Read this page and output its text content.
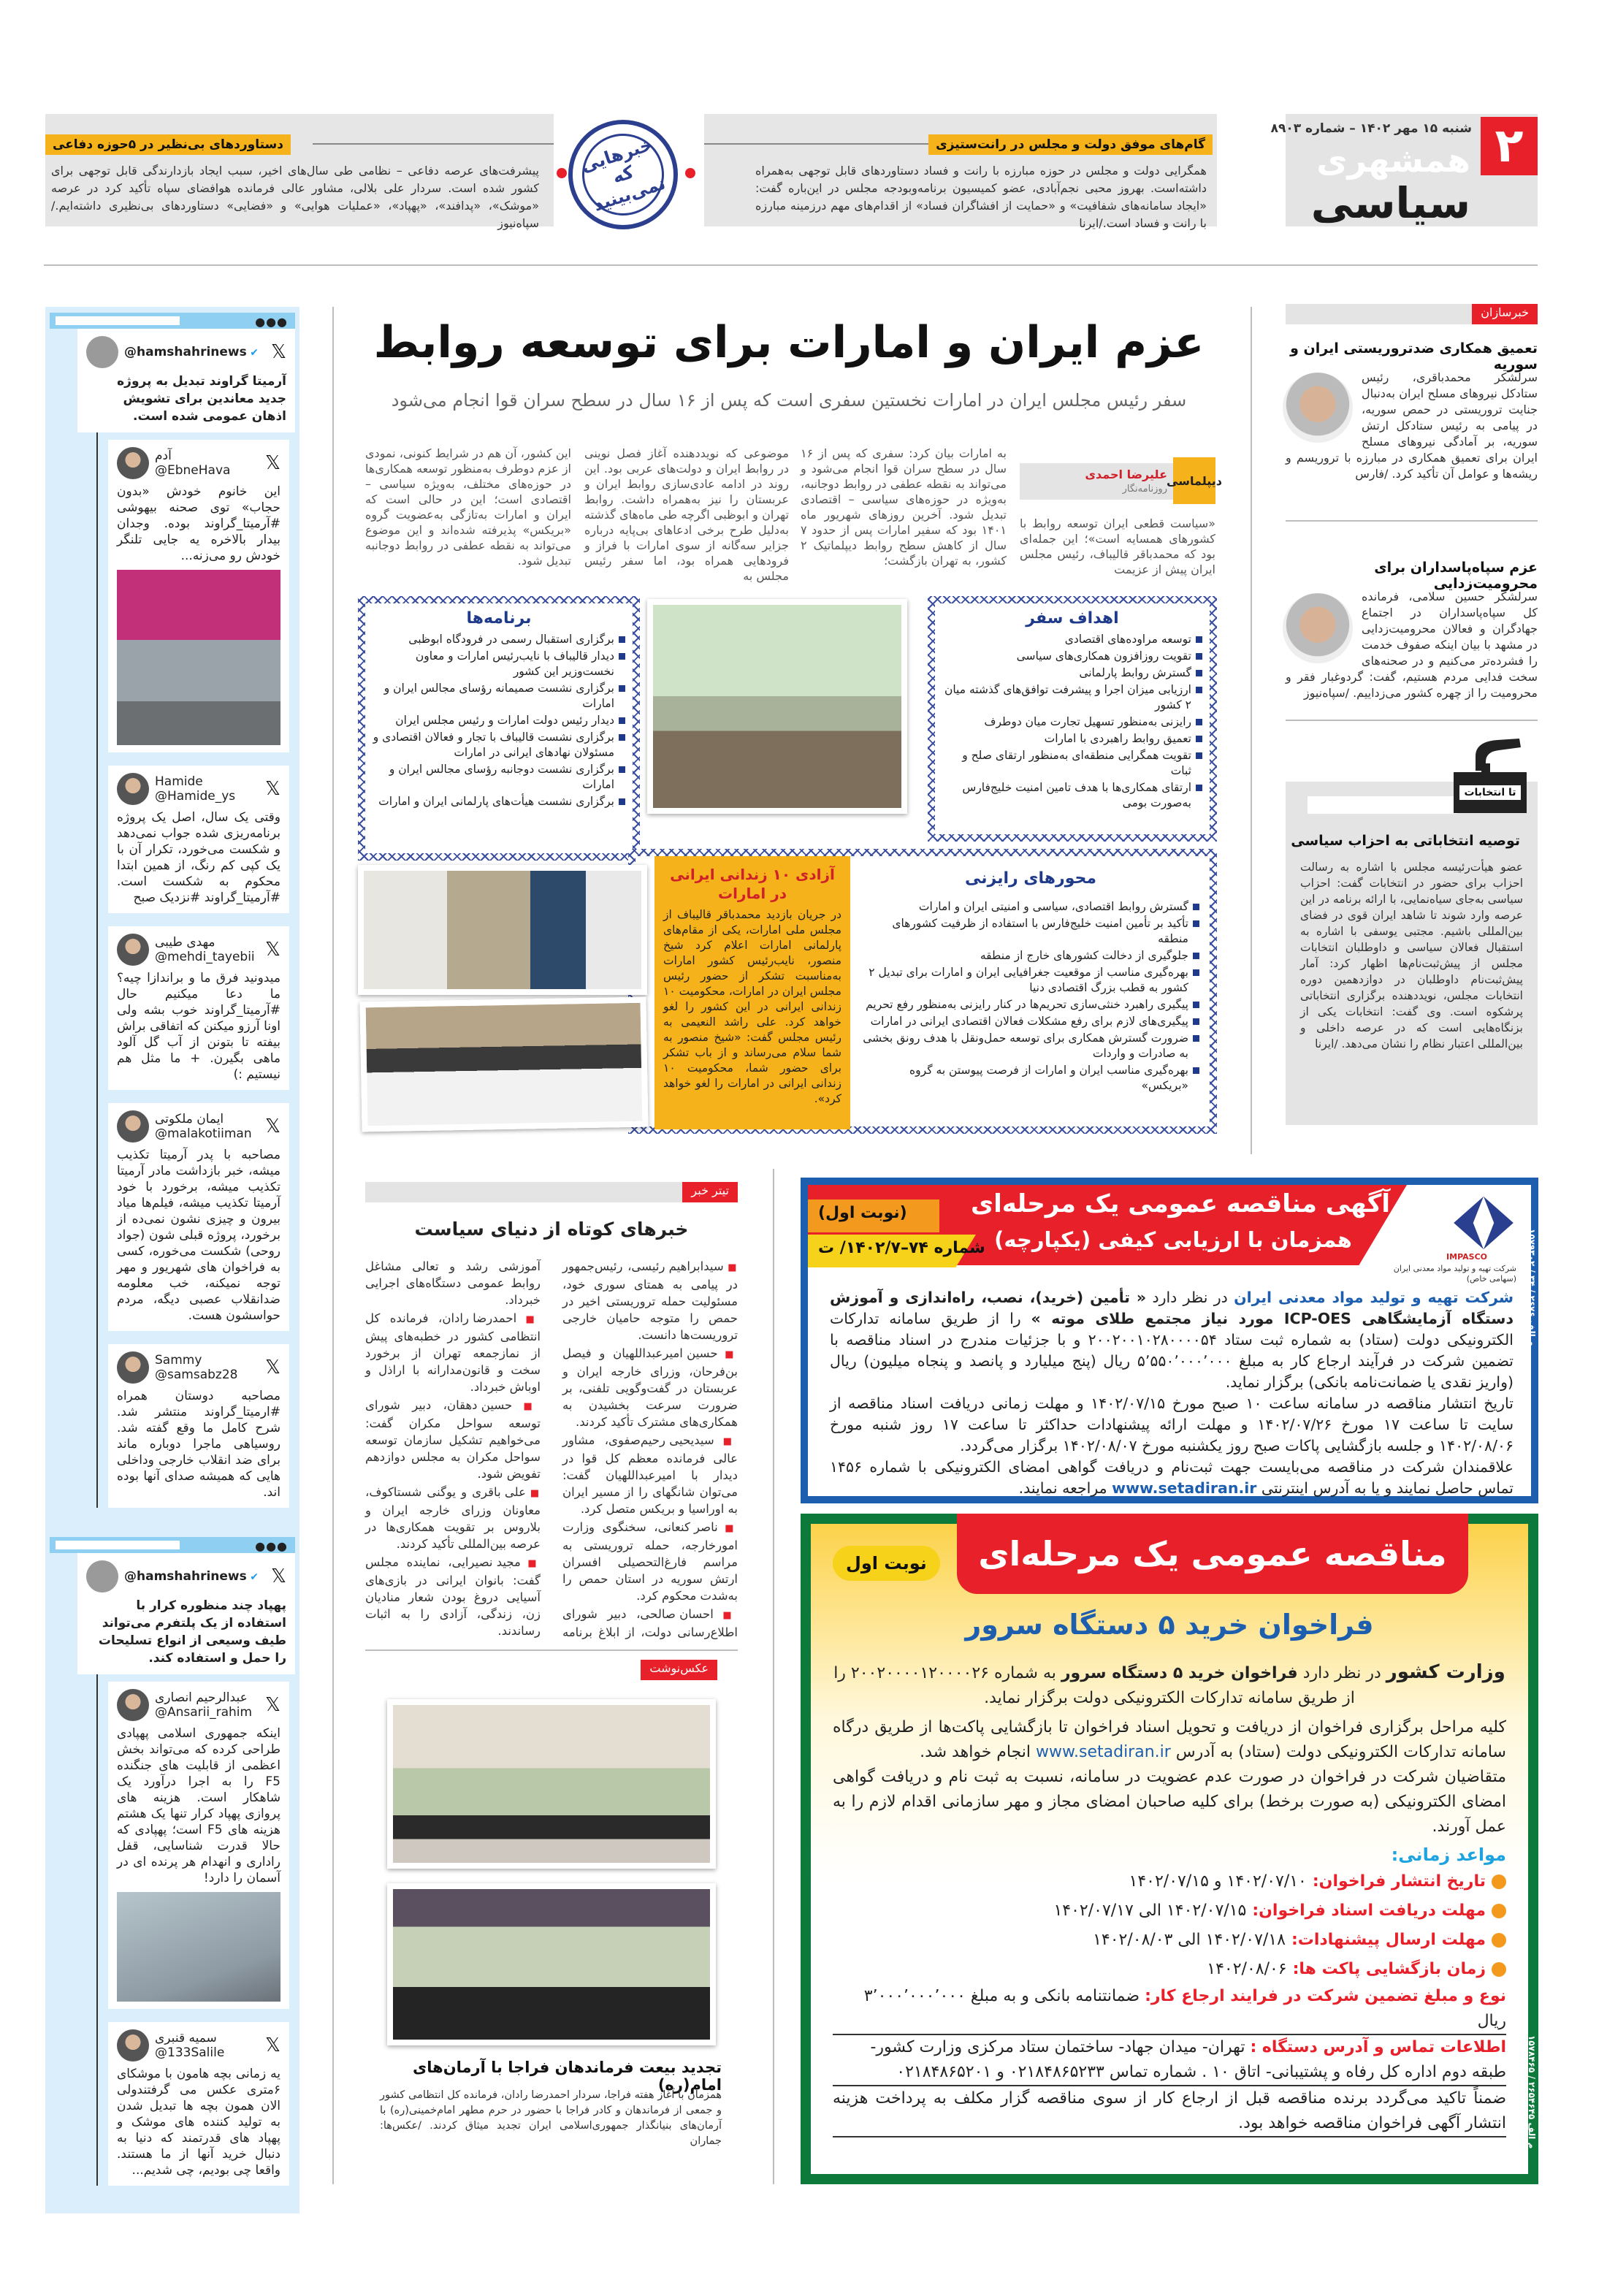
۲
شنبه ۱۵ مهر ۱۴۰۲ – شماره ۸۹۰۳
همشهری
سیاسی
گام‌های موفق دولت و مجلس در رانت‌ستیزی
همگرایی دولت و مجلس در حوزه مبارزه با رانت و فساد دستاوردهای قابل توجهی به‌همراه داشته‌است. بهروز محبی نجم‌آبادی، عضو کمیسیون برنامه‌وبودجه مجلس در این‌باره گفت: «ایجاد سامانه‌های شفافیت» و «حمایت از افشاگران فساد» از اقدام‌های مهم درزمینه مبارزه با رانت و فساد است./ایرنا
دستاوردهای بی‌نظیر در ۵حوزه دفاعی
پیشرفت‌های عرصه دفاعی – نظامی طی سال‌های اخیر، سبب ایجاد بازدارندگی قابل توجهی برای کشور شده است. سردار علی بلالی، مشاور عالی فرمانده هوافضای سپاه تأکید کرد در عرصه «موشک»، «پدافند»، «پهپاد»، «عملیات هوایی» و «فضایی» دستاوردهای بی‌نظیری داشته‌ایم./سپاه‌نیوز
خبرهایی که نمی‌بینید
●●●
@hamshahrinews ✔ 𝕏
آرمیتا گراوند تبدیل به پروژه جدید معاندین برای تشویش اذهان عمومی شده است.
آدم
@EbneHava	𝕏
این خانوم خودش «بدون حجاب» توی صحنه بیهوشی #آرمیتا_گراوند بوده. وجدان بیدار بالاخره یه جایی تلنگر خودش رو می‌زنه...
Hamide
@Hamide_ys	𝕏
وقتی یک سال، اصل یک پروژه برنامه‌ریزی شده جواب نمی‌دهد و شکست می‌خورد، تکرار آن با یک کپی کم رنگ، از همین ابتدا محکوم به شکست است. #آرمیتا_گراوند #نزدیک صبح
مهدی طیبی
@mehdi_tayebii 𝕏
میدونید فرق ما و براندازا چیه؟ ما دعا میکنیم حال #آرمیتا_گراوند خوب بشه ولی اونا آرزو میکنن که اتفاقی براش بیفته تا بتونن از آب گل آلود ماهی بگیرن. + ما مثل هم نیستیم :)
ایمان ملکوتی
@malakotiiman 𝕏
مصاحبه با پدر آرمیتا تکذیب میشه، خبر بازداشت مادر آرمیتا تکذیب میشه، برخورد با خود آرمیتا تکذیب میشه، فیلم‌ها میاد بیرون و چیزی نشون نمی‌ده از برخورد، پروژه قبلی شون (جواد روحی) شکست می‌خوره، کسی به فراخوان های شهریور و مهر توجه نمیکنه، خب معلومه ضدانقلاب عصبی دیگه، مردم حواسشون هست.
Sammy
@samsabz28	𝕏
مصاحبه دوستان همراه #ارمیتا_گراوند منتشر شد. شرح کامل ما وقع گفته شد. روسیاهی ماجرا دوباره ماند برای ضد انقلاب خارجی وداخلی هایی که همیشه صدای آنها بوده اند.
●●●
@hamshahrinews ✔ 𝕏
پهپاد چند منظوره کرار با استفاده از یک پلتفرم می‌تواند طیف وسیعی از انواع تسلیحات را حمل و استفاده کند.
عبدالرحیم انصاری
@Ansarii_rahim 𝕏
اینکه جمهوری اسلامی پهپادی طراحی کرده که می‌تواند بخش اعظمی از قابلیت های جنگنده F5 را به اجرا درآورد یک شاهکار است. هزینه های پروازی پهپاد کرار تنها یک هشتم هزینه های F5 است؛ پهپادی که حالا قدرت شناسایی، قفل راداری و انهدام هر پرنده ای در آسمان را دارد!
سمیه قنبری
@133Salile	𝕏
یه زمانی بچه هامون با موشکای ۶متری عکس می گرفتندولی الان همون بچه ها تبدیل شدن به تولید کننده های موشک و پهپاد های قدرتمند که دنیا به دنبال خرید آنها از ما هستند. واقعا چی بودیم، چی شدیم...
عزم ایران و امارات برای توسعه روابط
سفر رئیس مجلس ایران در امارات نخستین سفری است که پس از ۱۶ سال در سطح سران قوا انجام می‌شود
دیپلماسی
علیرضا احمدی
روزنامه‌نگار
«سیاست قطعی ایران توسعه روابط با کشورهای همسایه است»؛ این جمله‌ای بود که محمدباقر قالیباف، رئیس مجلس ایران پیش از عزیمت
به امارات بیان کرد: سفری که پس از ۱۶ سال در سطح سران قوا انجام می‌شود و می‌تواند به نقطه عطفی در روابط دوجانبه، به‌ویژه در حوزه‌های سیاسی – اقتصادی تبدیل شود. آخرین روزهای شهریور ماه ۱۴۰۱ بود که سفیر امارات پس از حدود ۷ سال از کاهش سطح روابط دیپلماتیک ۲ کشور، به تهران بازگشت؛
موضوعی که نویددهنده آغاز فصل نوینی در روابط ایران و دولت‌های عربی بود. این روند در ادامه عادی‌سازی روابط ایران و عربستان را نیز به‌همراه داشت. روابط تهران و ابوظبی اگرچه طی ماه‌های گذشته به‌دلیل طرح برخی ادعاهای بی‌پایه درباره جزایر سه‌گانه از سوی امارات با فراز و فرودهایی همراه بود، اما سفر رئیس مجلس به
این کشور، آن هم در شرایط کنونی، نمودی از عزم دوطرف به‌منظور توسعه همکاری‌ها در حوزه‌های مختلف، به‌ویژه سیاسی – اقتصادی است؛ این در حالی است که ایران و امارات به‌تازگی به‌عضویت گروه «بریکس» پذیرفته شده‌اند و این موضوع می‌تواند به نقطه عطفی در روابط دوجانبه تبدیل شود.
اهداف سفر
توسعه مراوده‌های اقتصادی
تقویت روزافزون همکاری‌های سیاسی
گسترش روابط پارلمانی
ارزیابی میزان اجرا و پیشرفت توافق‌های گذشته میان ۲ کشور
رایزنی به‌منظور تسهیل تجارت میان دوطرف
تعمیق روابط راهبردی با امارات
تقویت همگرایی منطقه‌ای به‌منظور ارتقای صلح و ثبات
ارتقای همکاری‌ها با هدف تامین امنیت خلیج‌فارس به‌صورت بومی
برنامه‌ها
برگزاری استقبال رسمی در فرودگاه ابوظبی
دیدار قالیباف با نایب‌رئیس امارات و معاون نخست‌وزیر این کشور
برگزاری نشست صمیمانه رؤسای مجالس ایران و امارات
دیدار رئیس دولت امارات و رئیس مجلس ایران
برگزاری نشست قالیباف با تجار و فعالان اقتصادی و مسئولان نهادهای ایرانی در امارات
برگزاری نشست دوجانبه رؤسای مجالس ایران و امارات
برگزاری نشست هیأت‌های پارلمانی ایران و امارات
محورهای رایزنی
گسترش روابط اقتصادی، سیاسی و امنیتی ایران و امارات
تأکید بر تأمین امنیت خلیج‌فارس با استفاده از ظرفیت کشورهای منطقه
جلوگیری از دخالت کشورهای خارج از منطقه
بهره‌گیری مناسب از موقعیت جغرافیایی ایران و امارات برای تبدیل ۲ کشور به قطب بزرگ اقتصادی دنیا
پیگیری راهبرد خنثی‌سازی تحریم‌ها در کنار رایزنی به‌منظور رفع تحریم
پیگیری‌های لازم برای رفع مشکلات فعالان اقتصادی ایرانی در امارات
ضرورت گسترش همکاری برای توسعه حمل‌ونقل با هدف رونق بخشی به صادرات و واردات
بهره‌گیری مناسب ایران و امارات از فرصت پیوستن به گروه «بریکس»
آزادی ۱۰ زندانی ایرانی در امارات

در جریان بازدید محمدباقر قالیباف از مجلس ملی امارات، یکی از مقام‌های پارلمانی امارات اعلام کرد شیخ منصور، نایب‌رئیس کشور امارات به‌مناسبت تشکر از حضور رئیس مجلس ایران در امارات، محکومیت ۱۰ زندانی ایرانی در این کشور را لغو خواهد کرد. علی راشد النعیمی به رئیس مجلس گفت: «شیخ منصور به شما سلام می‌رساند و از باب تشکر برای حضور شما، محکومیت ۱۰ زندانی ایرانی در امارات را لغو خواهد کرد».

خبرسازان
تعمیق همکاری ضدتروریستی ایران و سوریه
سرلشکر محمدباقری، رئیس ستادکل نیروهای مسلح ایران به‌دنبال جنایت تروریستی در حمص سوریه، در پیامی به رئیس ستادکل ارتش سوریه، بر آمادگی نیروهای مسلح ایران برای تعمیق همکاری در مبارزه با تروریسم و ریشه‌ها و عوامل آن تأکید کرد. /فارس
عزم سپاه‌پاسداران برای محرومیت‌زدایی
سرلشکر حسین سلامی، فرمانده کل سپاه‌پاسداران در اجتماع جهادگران و فعالان محرومیت‌زدایی در مشهد با بیان اینکه صفوف خدمت را فشرده‌تر می‌کنیم و در صحنه‌های سخت فدایی مردم هستیم، گفت: گردوغبار فقر و محرومیت را از چهره کشور می‌زداییم. /سپاه‌نیوز
توصیه انتخاباتی به احزاب سیاسی
عضو هیأت‌رئیسه مجلس با اشاره به رسالت احزاب برای حضور در انتخابات گفت: احزاب سیاسی به‌جای سیاه‌نمایی، با ارائه برنامه در این عرصه وارد شوند تا شاهد ایران قوی در فضای بین‌المللی باشیم. مجتبی یوسفی با اشاره به استقبال فعالان سیاسی و داوطلبان انتخابات مجلس از پیش‌ثبت‌نام‌ها اظهار کرد: آمار پیش‌ثبت‌نام داوطلبان در دوازدهمین دوره انتخابات مجلس، نویددهنده برگزاری انتخاباتی پرشکوه است. وی گفت: انتخابات یکی از بزنگاه‌هایی است که در عرصه داخلی و بین‌المللی اعتبار نظام را نشان می‌دهد. /ایرنا
تا انتخابات
تیتر خبر
خبرهای کوتاه از دنیای سیاست

■ سیدابراهیم رئیسی، رئیس‌جمهور در پیامی به همتای سوری خود، مسئولیت حمله تروریستی اخیر در حمص را متوجه حامیان خارجی تروریست‌ها دانست.

■ حسین امیرعبداللهیان و فیصل بن‌فرحان، وزرای خارجه ایران و عربستان در گفت‌وگویی تلفنی، بر ضرورت سرعت بخشیدن به همکاری‌های مشترک تأکید کردند.

■ سیدیحیی رحیم‌صفوی، مشاور عالی فرمانده معظم کل قوا در دیدار با امیرعبداللهیان گفت: می‌توان شانگهای را از مسیر ایران به اوراسیا و بریکس متصل کرد.

■ ناصر کنعانی، سخنگوی وزارت امورخارجه، حمله تروریستی به مراسم فارغ‌التحصیلی افسران ارتش سوریه در استان حمص را به‌شدت محکوم کرد.

■ احسان صالحی، دبیر شورای اطلاع‌رسانی دولت، از ابلاغ برنامه آموزشی رشد و تعالی مشاغل روابط عمومی دستگاه‌های اجرایی خبرداد.

■ احمدرضا رادان، فرمانده کل انتظامی کشور در خطبه‌های پیش از نمازجمعه تهران از برخورد سخت و قانون‌مدارانه با اراذل و اوباش خبرداد.

■ حسین دهقان، دبیر شورای توسعه سواحل مکران گفت: می‌خواهیم تشکیل سازمان توسعه سواحل مکران به مجلس دوازدهم تفویض شود.

■ علی باقری و یوگنی شستاکوف، معاونان وزرای خارجه ایران و بلاروس بر تقویت همکاری‌ها در عرصه بین‌المللی تأکید کردند.

■ مجید نصیرایی، نماینده مجلس گفت: بانوان ایرانی در بازی‌های آسیایی دروغ بودن شعار منادیان زن، زندگی، آزادی را به اثبات رساندند.

عکس‌نوشت
تجدید بیعت فرماندهان فراجا با آرمان‌های امام(ره)
همزمان با آغاز هفته فراجا، سردار احمدرضا رادان، فرمانده کل انتظامی کشور و جمعی از فرماندهان و کادر فراجا با حضور در حرم مطهر امام‌خمینی(ره) با آرمان‌های بنیانگذار جمهوری‌اسلامی ایران تجدید میثاق کردند. /عکس‌ها: جماران
آگهی مناقصه عمومی یک مرحله‌ای
همزمان با ارزیابی کیفی (یکپارچه)
(نوبت اول)
شماره ۷۴–۱۴۰۲/۷/ ت	IMPASCO
شرکت تهیه و تولید مواد معدنی ایران (سهامی خاص)

شرکت تهیه و تولید مواد معدنی ایران در نظر دارد « تأمین (خرید)، نصب، راه‌اندازی و آموزش دستگاه آزمایشگاهی ICP-OES مورد نیاز مجتمع طلای موته » را از طریق سامانه تدارکات الکترونیکی دولت (ستاد) به شماره ثبت ستاد ۲۰۰۲۰۰۱۰۲۸۰۰۰۰۵۴ و با جزئیات مندرج در اسناد مناقصه با تضمین شرکت در فرآیند ارجاع کار به مبلغ ۵٬۵۵۰٬۰۰۰٬۰۰۰ ریال (پنج میلیارد و پانصد و پنجاه میلیون) ریال (واریز نقدی یا ضمانت‌نامه بانکی) برگزار نماید.

تاریخ انتشار مناقصه در سامانه ساعت ۱۰ صبح مورخ ۱۴۰۲/۰۷/۱۵ و مهلت زمانی دریافت اسناد مناقصه از سایت تا ساعت ۱۷ مورخ ۱۴۰۲/۰۷/۲۶ و مهلت ارائه پیشنهادات حداکثر تا ساعت ۱۷ روز شنبه مورخ ۱۴۰۲/۰۸/۰۶ و جلسه بازگشایی پاکات صبح روز یکشنبه مورخ ۱۴۰۲/۰۸/۰۷ برگزار می‌گردد.

علاقمندان شرکت در مناقصه می‌بایست جهت ثبت‌نام و دریافت گواهی امضای الکترونیکی با شماره ۱۴۵۶ تماس حاصل نمایند و یا به آدرس اینترنتی www.setadiran.ir مراجعه نمایند.

م الف ۲۶۷۶ / ۳۴ / ۱۵۷۹۳۰۲
مناقصه عمومی یک مرحله‌ای
نوبت اول
فراخوان خرید ۵ دستگاه سرور

وزارت کشور در نظر دارد فراخوان خرید ۵ دستگاه سرور به شماره ۲۰۰۲۰۰۰۰۱۲۰۰۰۰۲۶ را از طریق سامانه تدارکات الکترونیکی دولت برگزار نماید.

کلیه مراحل برگزاری فراخوان از دریافت و تحویل اسناد فراخوان تا بازگشایی پاکت‌ها از طریق درگاه سامانه تدارکات الکترونیکی دولت (ستاد) به آدرس www.setadiran.ir انجام خواهد شد.

متقاضیان شرکت در فراخوان در صورت عدم عضویت در سامانه، نسبت به ثبت نام و دریافت گواهی امضای الکترونیکی (به صورت برخط) برای کلیه صاحبان امضای مجاز و مهر سازمانی اقدام لازم را به عمل آورند.

مواعد زمانی:
تاریخ انتشار فراخوان:
۱۴۰۲/۰۷/۱۰ و ۱۴۰۲/۰۷/۱۵
مهلت دریافت اسناد فراخوان:
۱۴۰۲/۰۷/۱۵ الی ۱۴۰۲/۰۷/۱۷
مهلت ارسال پیشنهادات:
۱۴۰۲/۰۷/۱۸ الی ۱۴۰۲/۰۸/۰۳
زمان بازگشایی پاکت ها:
۱۴۰۲/۰۸/۰۶

نوع و مبلغ تضمین شرکت در فرایند ارجاع کار: ضمانتنامه بانکی و به مبلغ ۳٬۰۰۰٬۰۰۰٬۰۰۰ ریال

اطلاعات تماس و آدرس دستگاه : تهران- میدان جهاد- ساختمان ستاد مرکزی وزارت کشور- طبقه دوم اداره کل رفاه و پشتیبانی- اتاق ۱۰ . شماره تماس ۰۲۱۸۴۸۶۵۲۳۳ و ۰۲۱۸۴۸۶۵۲۰۱

ضمناً تاکید می‌گردد برنده مناقصه قبل از ارجاع کار از سوی مناقصه گزار مکلف به پرداخت هزینه انتشار آگهی فراخوان مناقصه خواهد بود.

م الف ۲۶۵۴۶۴۵ / ۱۵۷۸۴۶۵
